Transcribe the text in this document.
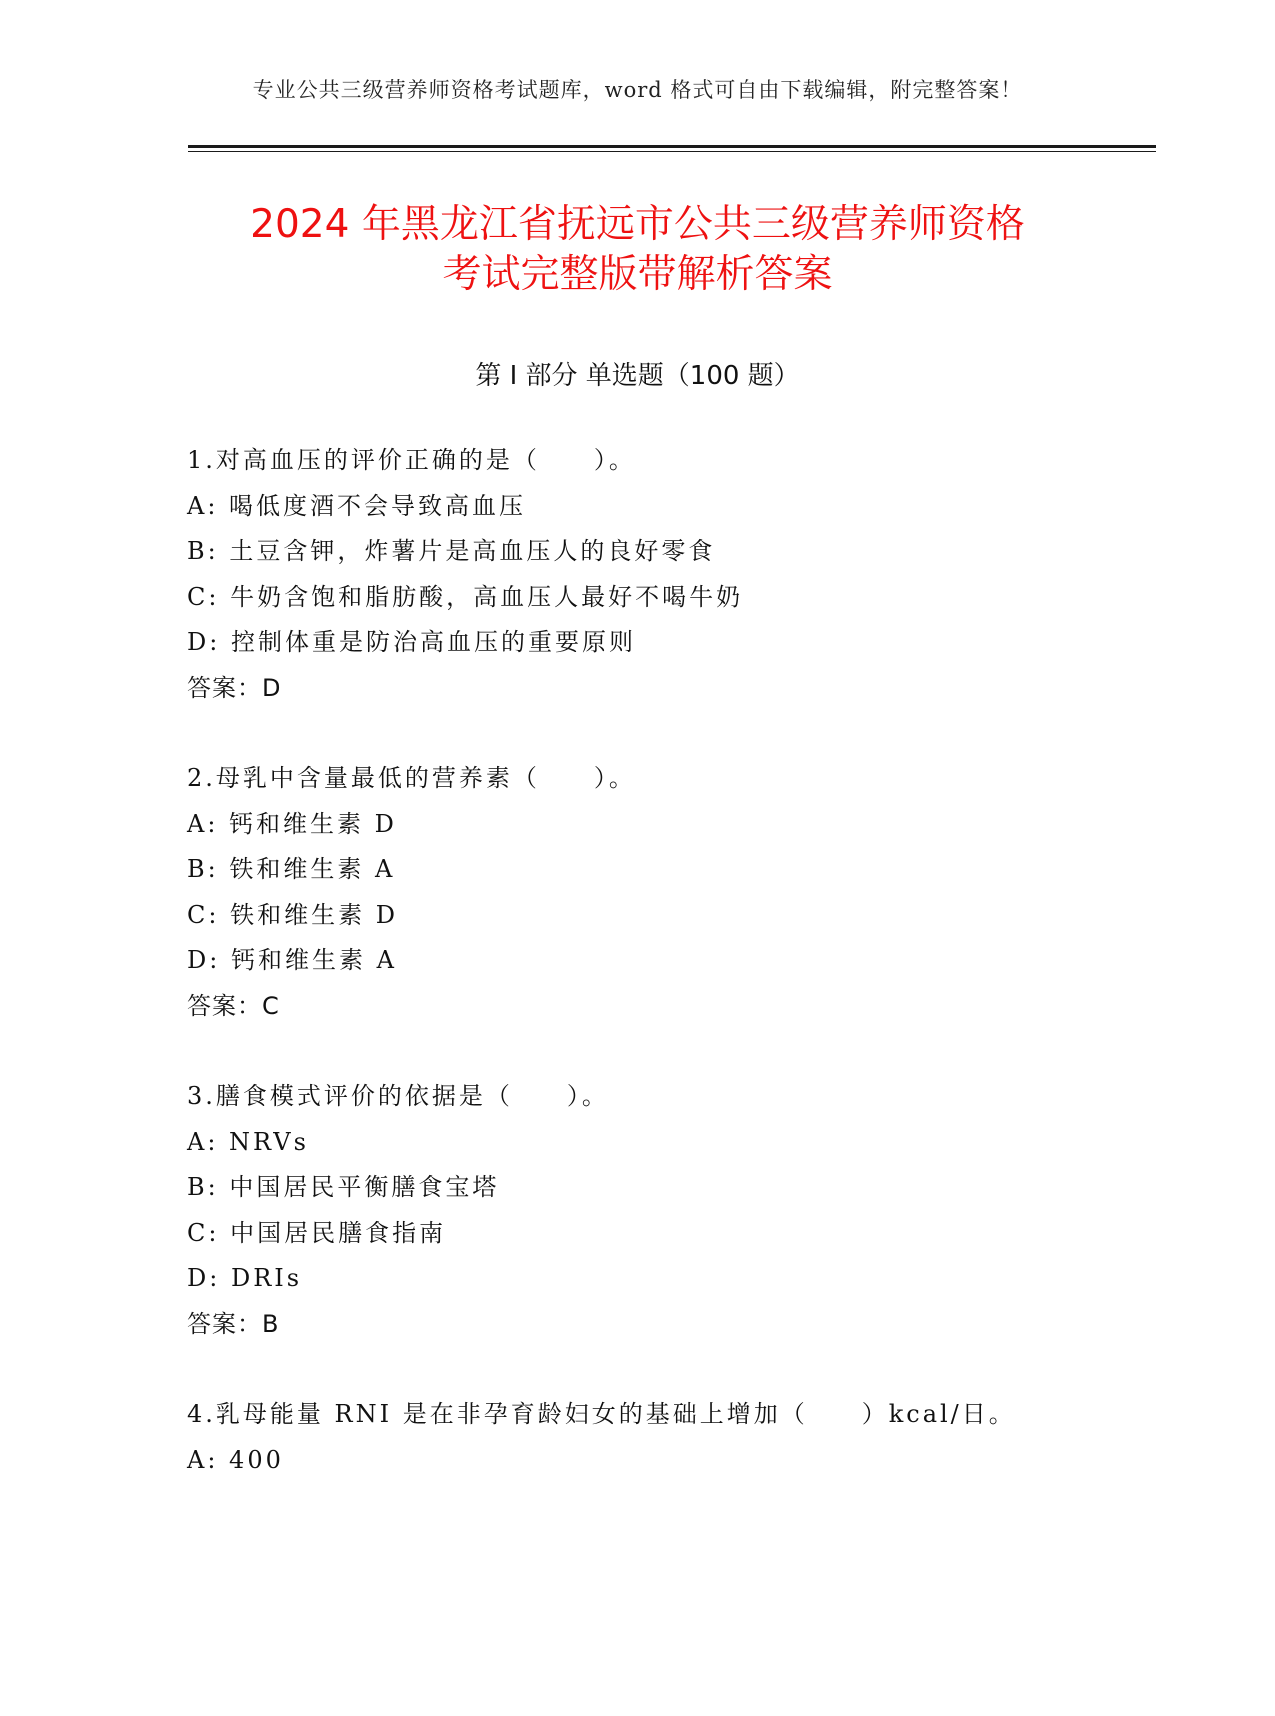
专业公共三级营养师资格考试题库，word 格式可自由下载编辑，附完整答案！
2024 年黑龙江省抚远市公共三级营养师资格
考试完整版带解析答案
第 I 部分 单选题（100 题）
1.对高血压的评价正确的是（　　）。
A: 喝低度酒不会导致高血压
B: 土豆含钾，炸薯片是高血压人的良好零食
C: 牛奶含饱和脂肪酸，高血压人最好不喝牛奶
D: 控制体重是防治高血压的重要原则
答案：D
2.母乳中含量最低的营养素（　　）。
A: 钙和维生素 D
B: 铁和维生素 A
C: 铁和维生素 D
D: 钙和维生素 A
答案：C
3.膳食模式评价的依据是（　　）。
A: NRVs
B: 中国居民平衡膳食宝塔
C: 中国居民膳食指南
D: DRIs
答案：B
4.乳母能量 RNI 是在非孕育龄妇女的基础上增加（　　）kcal/日。
A: 400
